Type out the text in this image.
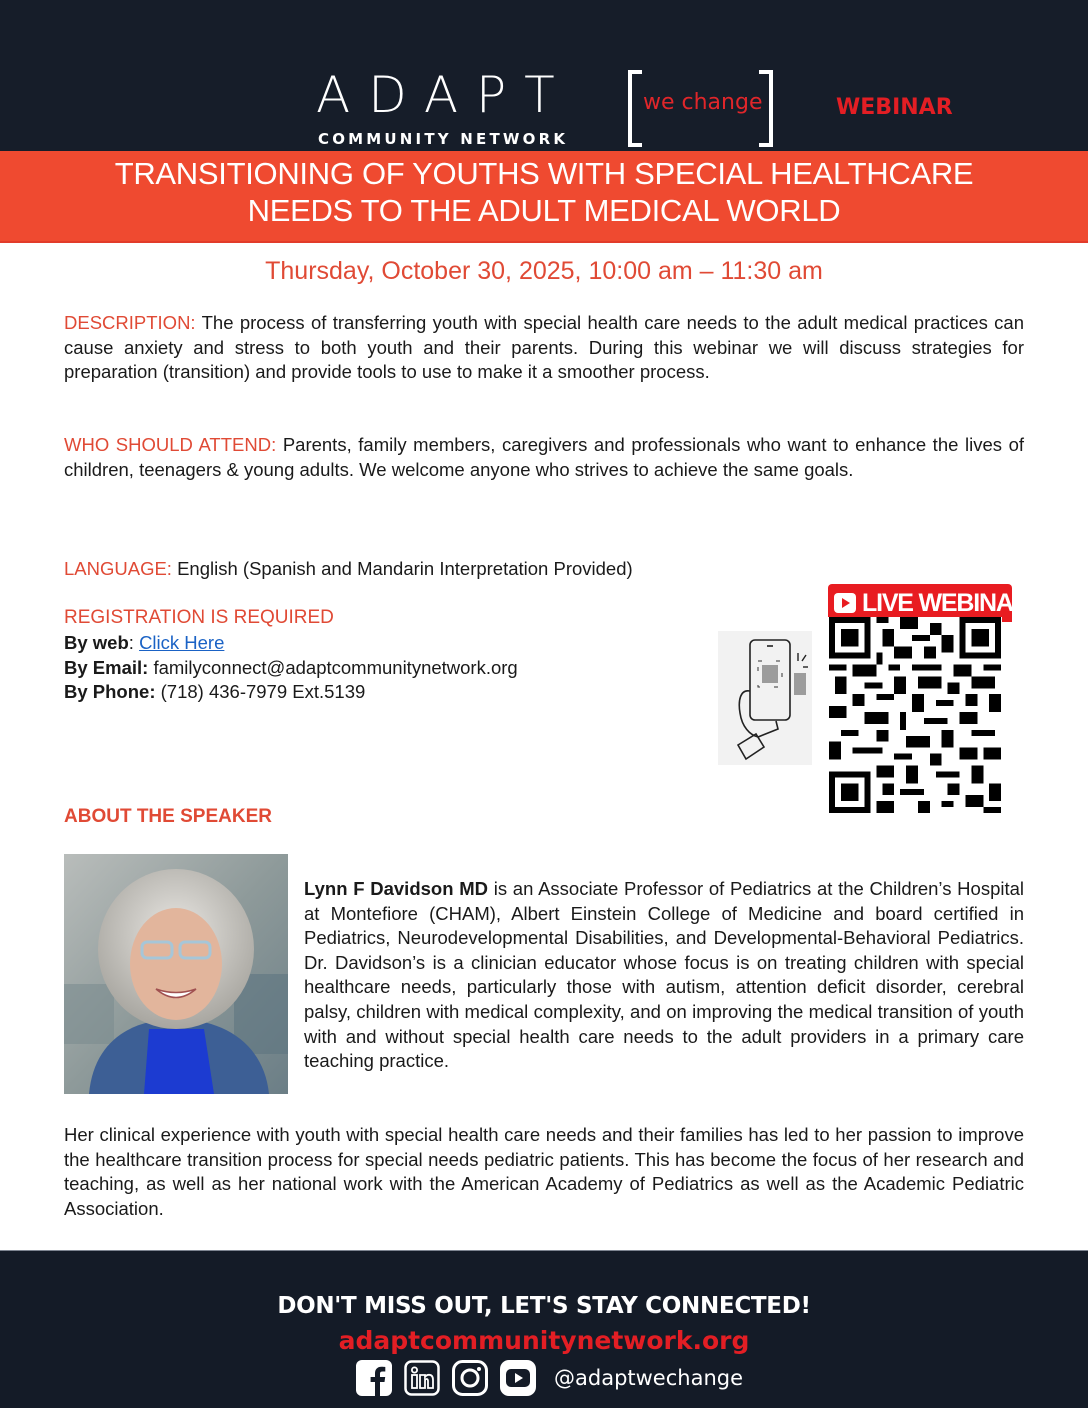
ADAPT
COMMUNITY NETWORK
we change	WEBINAR
TRANSITIONING OF YOUTHS WITH SPECIAL HEALTHCARE
NEEDS TO THE ADULT MEDICAL WORLD
Thursday, October 30, 2025, 10:00 am – 11:30 am
DESCRIPTION: The process of transferring youth with special health care needs to the adult medical practices can cause anxiety and stress to both youth and their parents. During this webinar we will discuss strategies for preparation (transition) and provide tools to use to make it a smoother process.
WHO SHOULD ATTEND: Parents, family members, caregivers and professionals who want to enhance the lives of children, teenagers & young adults. We welcome anyone who strives to achieve the same goals.
LANGUAGE: English (Spanish and Mandarin Interpretation Provided)
REGISTRATION IS REQUIRED
By web: Click Here
By Email: familyconnect@adaptcommunitynetwork.org
By Phone: (718) 436-7979 Ext.5139
LIVE WEBINAR
ABOUT THE SPEAKER
Lynn F Davidson MD is an Associate Professor of Pediatrics at the Children’s Hospital at Montefiore (CHAM), Albert Einstein College of Medicine and board certified in Pediatrics, Neurodevelopmental Disabilities, and Developmental-Behavioral Pediatrics. Dr. Davidson’s is a clinician educator whose focus is on treating children with special healthcare needs, particularly those with autism, attention deficit disorder, cerebral palsy, children with medical complexity, and on improving the medical transition of youth with and without special health care needs to the adult providers in a primary care teaching practice.
Her clinical experience with youth with special health care needs and their families has led to her passion to improve the healthcare transition process for special needs pediatric patients. This has become the focus of her research and teaching, as well as her national work with the American Academy of Pediatrics as well as the Academic Pediatric Association.
DON'T MISS OUT, LET'S STAY CONNECTED!
adaptcommunitynetwork.org
@adaptwechange
